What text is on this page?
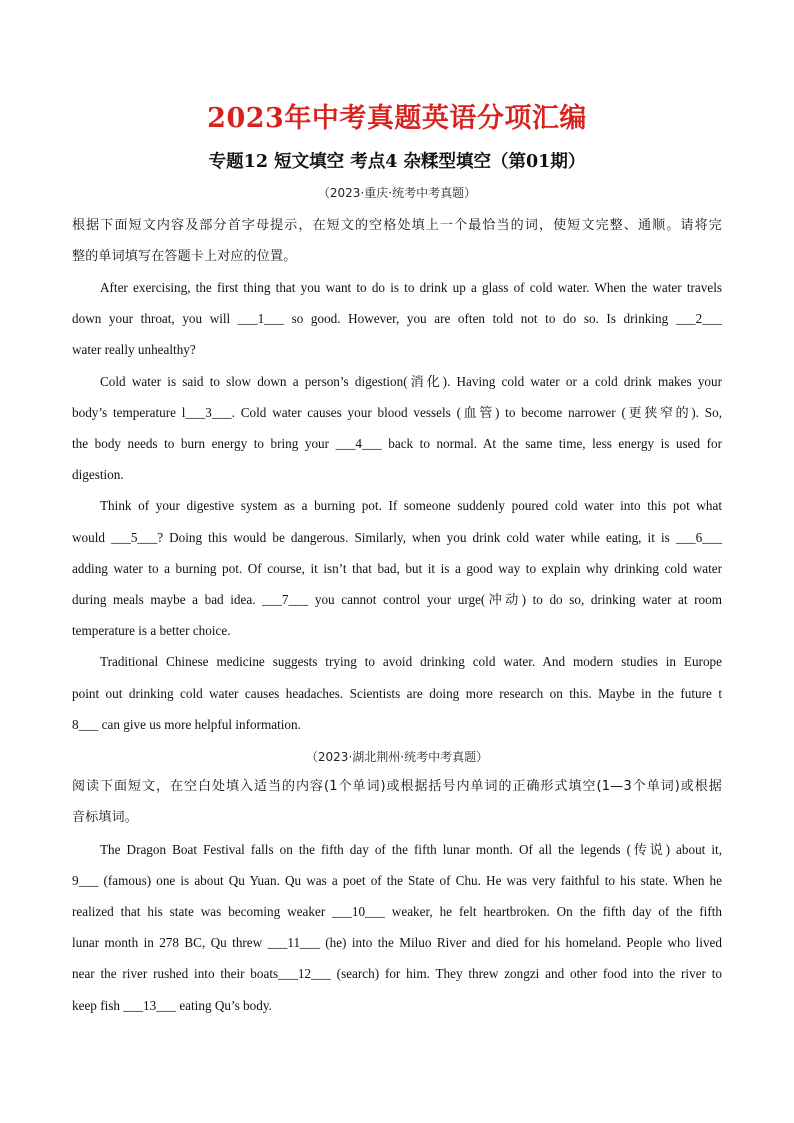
2023年中考真题英语分项汇编
专题12 短文填空 考点4 杂糅型填空（第01期）
（2023·重庆·统考中考真题）
根据下面短文内容及部分首字母提示，在短文的空格处填上一个最恰当的词，使短文完整、通顺。请将完
整的单词填写在答题卡上对应的位置。
After exercising, the first thing that you want to do is to drink up a glass of cold water. When the water travels
down your throat, you will ___1___ so good. However, you are often told not to do so. Is drinking ___2___
water really unhealthy?
Cold water is said to slow down a person’s digestion(消化). Having cold water or a cold drink makes your
body’s temperature l___3___. Cold water causes your blood vessels (血管) to become narrower (更狭窄的). So,
the body needs to burn energy to bring your ___4___ back to normal. At the same time, less energy is used for
digestion.
Think of your digestive system as a burning pot. If someone suddenly poured cold water into this pot what
would ___5___? Doing this would be dangerous. Similarly, when you drink cold water while eating, it is ___6___
adding water to a burning pot. Of course, it isn’t that bad, but it is a good way to explain why drinking cold water
during meals maybe a bad idea. ___7___ you cannot control your urge(冲动) to do so, drinking water at room
temperature is a better choice.
Traditional Chinese medicine suggests trying to avoid drinking cold water. And modern studies in Europe
point out drinking cold water causes headaches. Scientists are doing more research on this. Maybe in the future t
8___ can give us more helpful information.
（2023·湖北荆州·统考中考真题）
阅读下面短文，在空白处填入适当的内容(1个单词)或根据括号内单词的正确形式填空(1—3个单词)或根据
音标填词。
The Dragon Boat Festival falls on the fifth day of the fifth lunar month. Of all the legends (传说) about it,
9___ (famous) one is about Qu Yuan. Qu was a poet of the State of Chu. He was very faithful to his state. When he
realized that his state was becoming weaker ___10___ weaker, he felt heartbroken. On the fifth day of the fifth
lunar month in 278 BC, Qu threw ___11___ (he) into the Miluo River and died for his homeland. People who lived
near the river rushed into their boats___12___ (search) for him. They threw zongzi and other food into the river to
keep fish ___13___ eating Qu’s body.
